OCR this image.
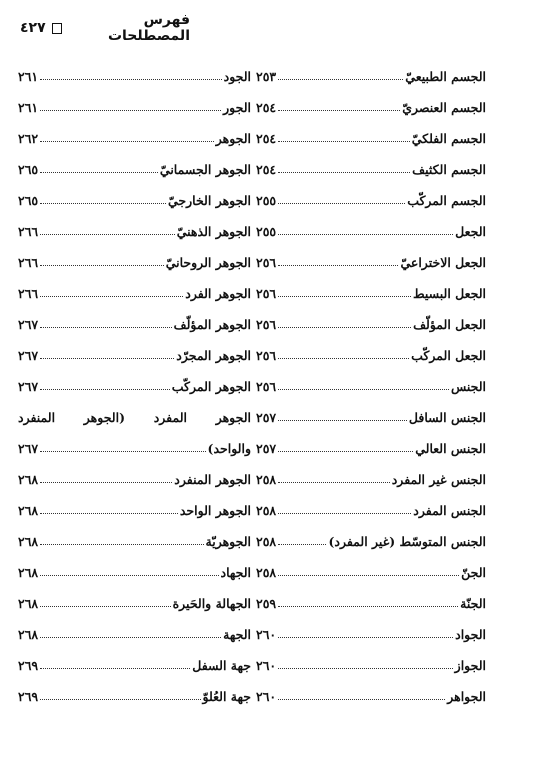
فهرس المصطلحات
٤٢٧
الجسم الطبيعيّ
٢٥٣
الجسم العنصريّ
٢٥٤
الجسم الفلكيّ
٢٥٤
الجسم الكثيف
٢٥٤
الجسم المركّب
٢٥٥
الجعل
٢٥٥
الجعل الاختراعيّ
٢٥٦
الجعل البسيط
٢٥٦
الجعل المؤلّف
٢٥٦
الجعل المركّب
٢٥٦
الجنس
٢٥٦
الجنس السافل
٢٥٧
الجنس العالي
٢٥٧
الجنس غير المفرد
٢٥٨
الجنس المفرد
٢٥٨
الجنس المتوسّط (غير المفرد)
٢٥٨
الجنّ
٢٥٨
الجنّة
٢٥٩
الجواد
٢٦٠
الجواز
٢٦٠
الجواهر
٢٦٠
الجود
٢٦١
الجور
٢٦١
الجوهر
٢٦٢
الجوهر الجسمانيّ
٢٦٥
الجوهر الخارجيّ
٢٦٥
الجوهر الذهنيّ
٢٦٦
الجوهر الروحانيّ
٢٦٦
الجوهر الفرد
٢٦٦
الجوهر المؤلّف
٢٦٧
الجوهر المجرّد
٢٦٧
الجوهر المركّب
٢٦٧
الجوهر المفرد (الجوهر المنفرد
والواحد)
٢٦٧
الجوهر المنفرد
٢٦٨
الجوهر الواحد
٢٦٨
الجوهريّة
٢٦٨
الجهاد
٢٦٨
الجهالة والحَيرة
٢٦٨
الجهة
٢٦٨
جهة السفل
٢٦٩
جهة العُلوّ
٢٦٩
